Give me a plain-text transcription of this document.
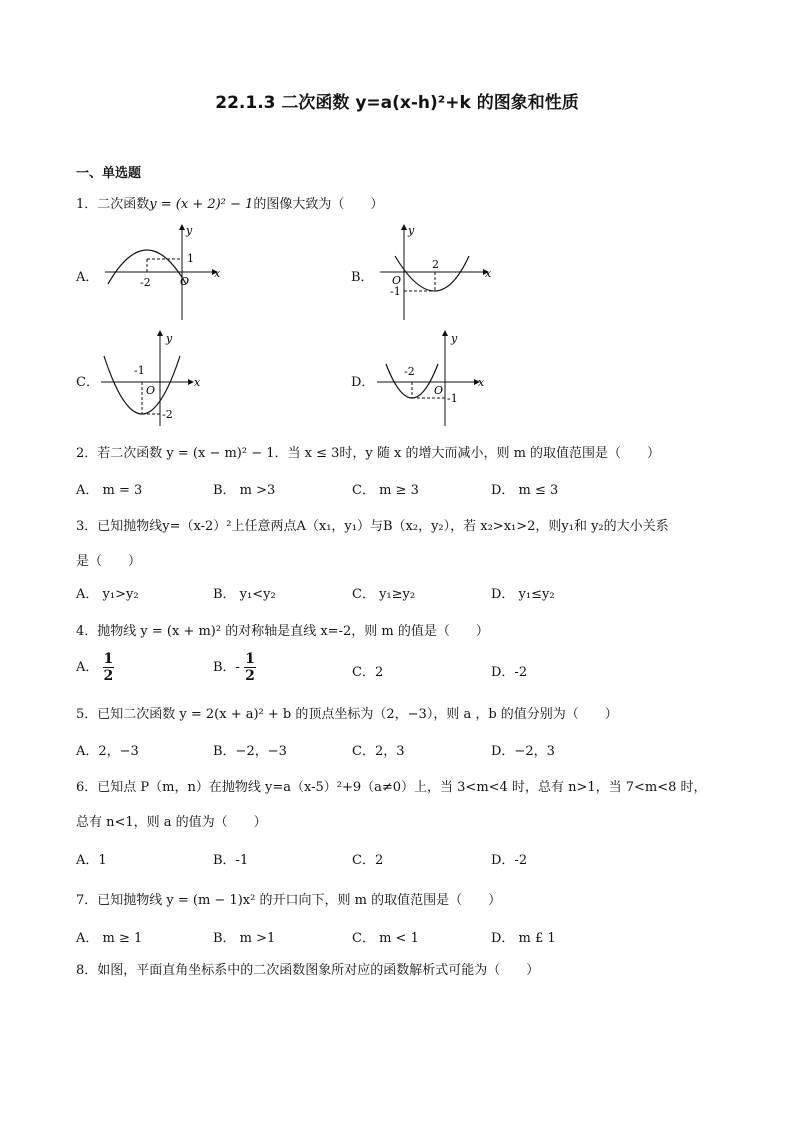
22.1.3 二次函数 y=a(x-h)²+k 的图象和性质
一、单选题
1．二次函数y = (x + 2)² − 1的图像大致为（　　）
A．
1
-2	O
x
y
B．
2
-1
O
x
y
C．
-1
-2
O
x
y
D．
-2
-1
O
x
y
2．若二次函数 y = (x − m)² − 1．当 x ≤ 3时，y 随 x 的增大而减小，则 m 的取值范围是（　　）
A． m = 3	B． m >3	C． m ≥ 3	D． m ≤ 3
3．已知抛物线y=（x-2）²上任意两点A（x₁，y₁）与B（x₂，y₂），若 x₂>x₁>2，则y₁和 y₂的大小关系
是（　　）
A． y₁>y₂	B． y₁<y₂	C． y₁≥y₂	D． y₁≤y₂
4．抛物线 y = (x + m)² 的对称轴是直线 x=-2，则 m 的值是（　　）
A． $\frac{1}{2}$	B．- $\frac{1}{2}$	C．2	D．-2
5．已知二次函数 y = 2(x + a)² + b 的顶点坐标为（2，−3），则 a ，b 的值分别为（　　）
A．2，−3	B．−2，−3	C．2，3	D．−2，3
6．已知点 P（m，n）在抛物线 y=a（x-5）²+9（a≠0）上，当 3<m<4 时，总有 n>1，当 7<m<8 时，
总有 n<1，则 a 的值为（　　）
A．1	B．-1	C．2	D．-2
7．已知抛物线 y = (m − 1)x² 的开口向下，则 m 的取值范围是（　　）
A． m ≥ 1	B． m >1	C． m < 1	D． m £ 1
8．如图，平面直角坐标系中的二次函数图象所对应的函数解析式可能为（　　）
